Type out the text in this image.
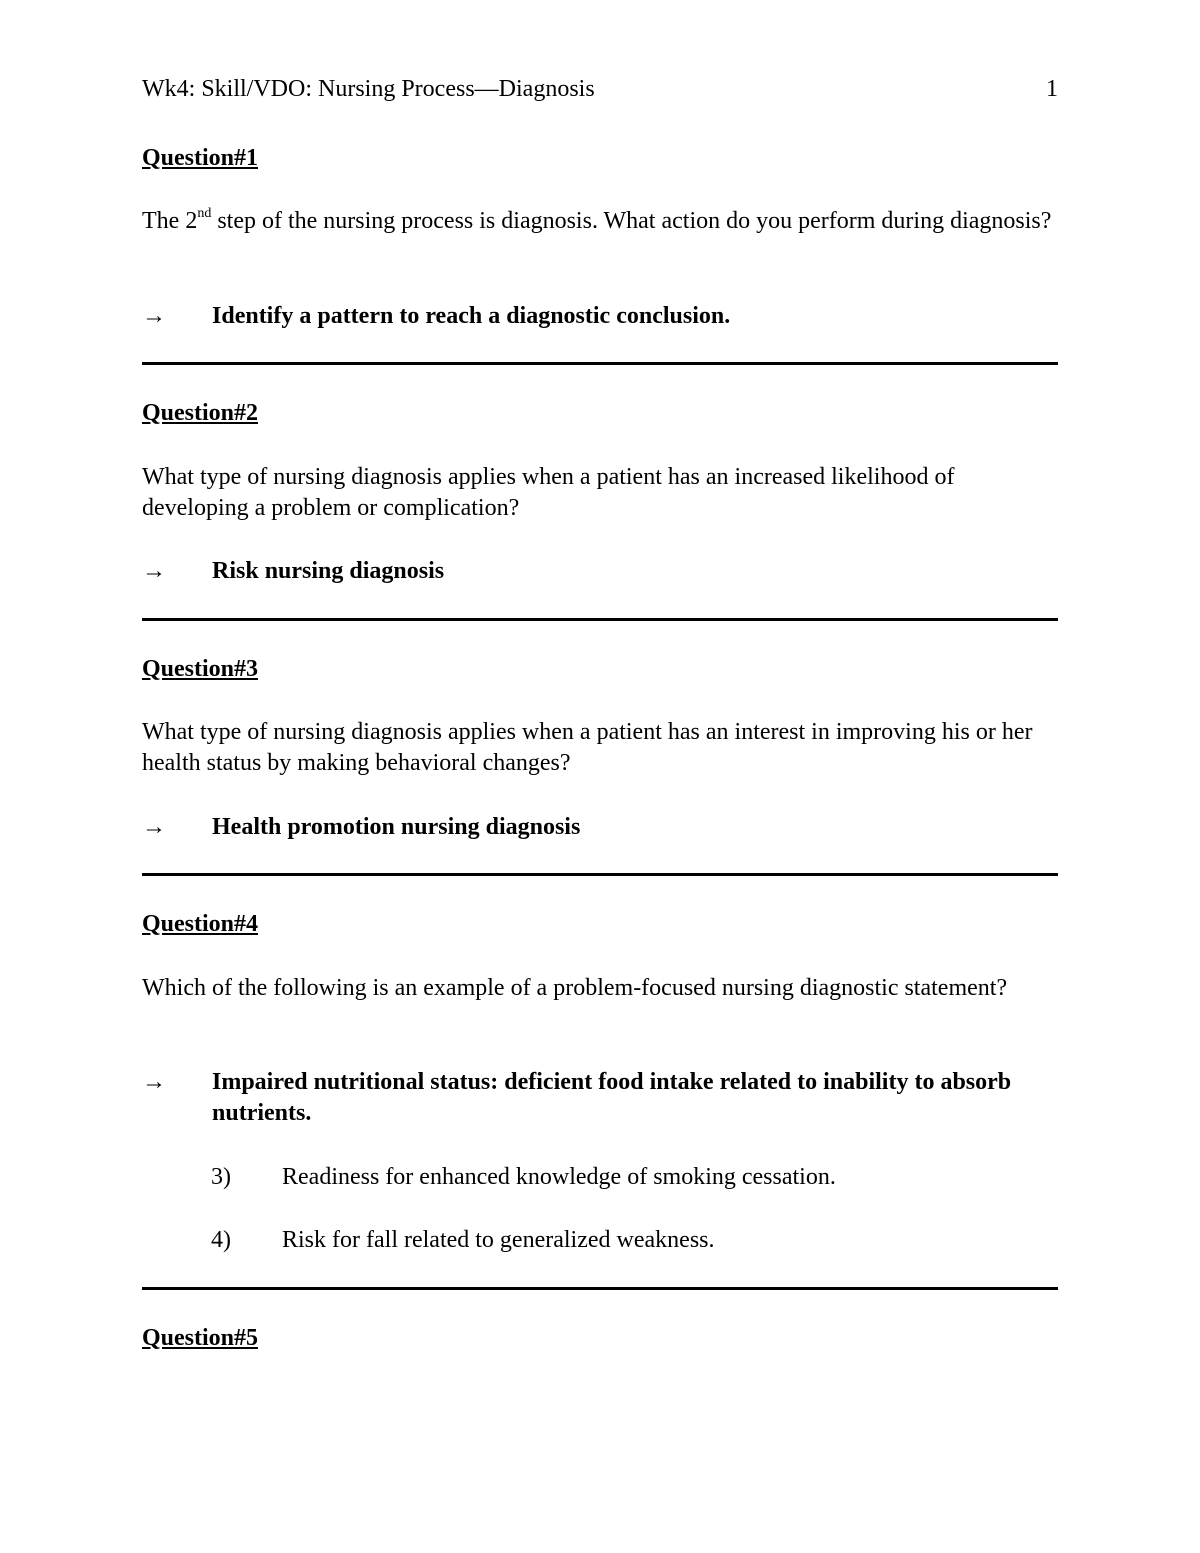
Wk4: Skill/VDO: Nursing Process—Diagnosis	1
Question#1

The 2nd step of the nursing process is diagnosis. What action do you perform during diagnosis?

→ Identify a pattern to reach a diagnostic conclusion.
Question#2

What type of nursing diagnosis applies when a patient has an increased likelihood of developing a problem or complication?

→ Risk nursing diagnosis
Question#3

What type of nursing diagnosis applies when a patient has an interest in improving his or her health status by making behavioral changes?

→ Health promotion nursing diagnosis
Question#4

Which of the following is an example of a problem-focused nursing diagnostic statement?

→ Impaired nutritional status: deficient food intake related to inability to absorb nutrients.
3) Readiness for enhanced knowledge of smoking cessation.
4) Risk for fall related to generalized weakness.
Question#5
